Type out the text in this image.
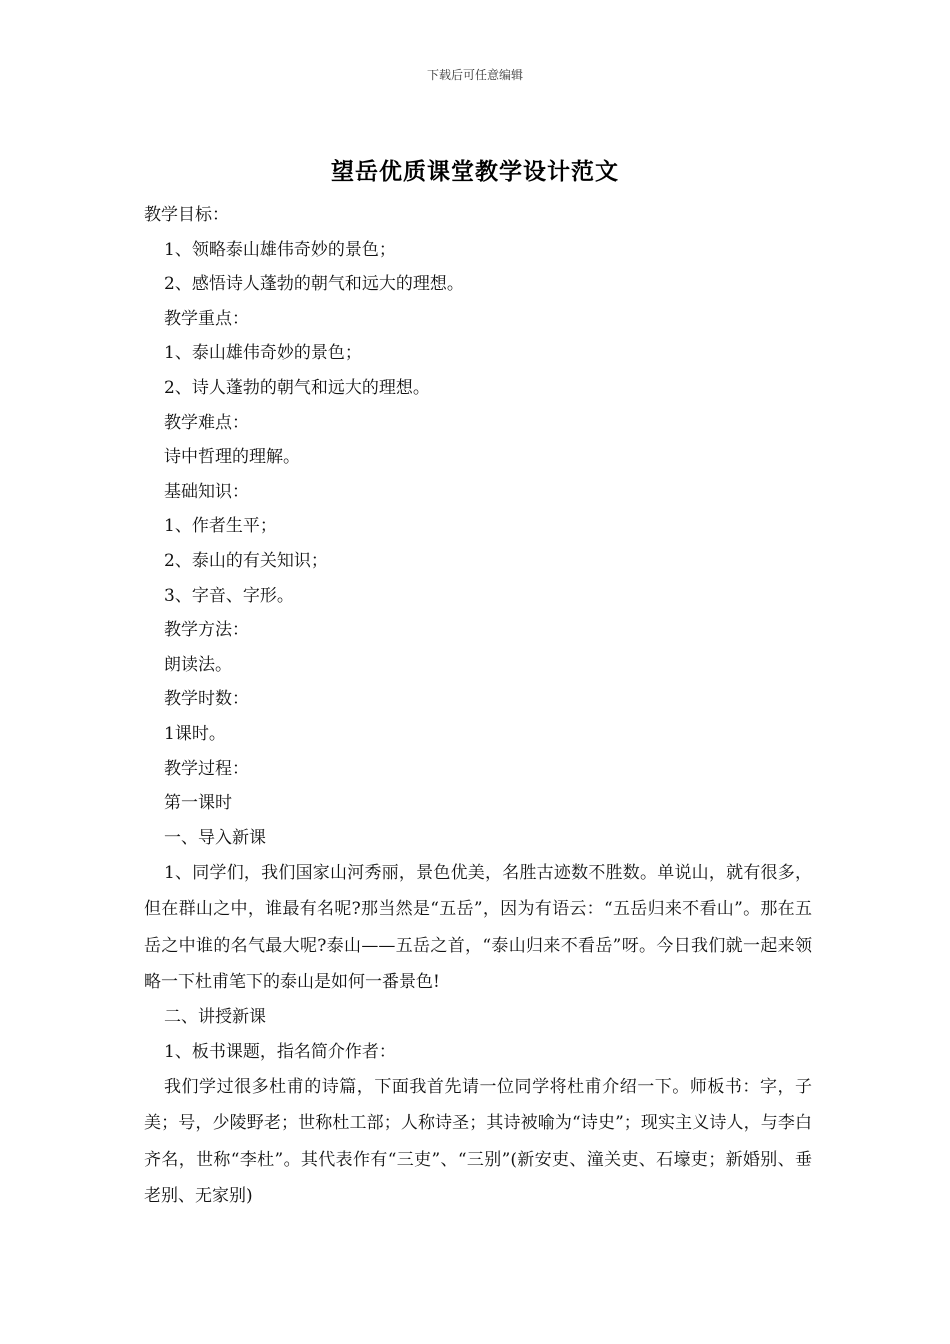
下载后可任意编辑
望岳优质课堂教学设计范文
教学目标：
1、领略泰山雄伟奇妙的景色；
2、感悟诗人蓬勃的朝气和远大的理想。
教学重点：
1、泰山雄伟奇妙的景色；
2、诗人蓬勃的朝气和远大的理想。
教学难点：
诗中哲理的理解。
基础知识：
1、作者生平；
2、泰山的有关知识；
3、字音、字形。
教学方法：
朗读法。
教学时数：
1课时。
教学过程：
第一课时
一、导入新课

1、同学们，我们国家山河秀丽，景色优美，名胜古迹数不胜数。单说山，就有很多，但在群山之中，谁最有名呢?那当然是“五岳”，因为有语云：“五岳归来不看山”。那在五岳之中谁的名气最大呢?泰山——五岳之首，“泰山归来不看岳”呀。今日我们就一起来领略一下杜甫笔下的泰山是如何一番景色!

二、讲授新课
1、板书课题，指名简介作者：

我们学过很多杜甫的诗篇，下面我首先请一位同学将杜甫介绍一下。师板书：字，子美；号，少陵野老；世称杜工部；人称诗圣；其诗被喻为“诗史”；现实主义诗人，与李白齐名，世称“李杜”。其代表作有“三吏”、“三别”(新安吏、潼关吏、石壕吏；新婚别、垂老别、无家别)
